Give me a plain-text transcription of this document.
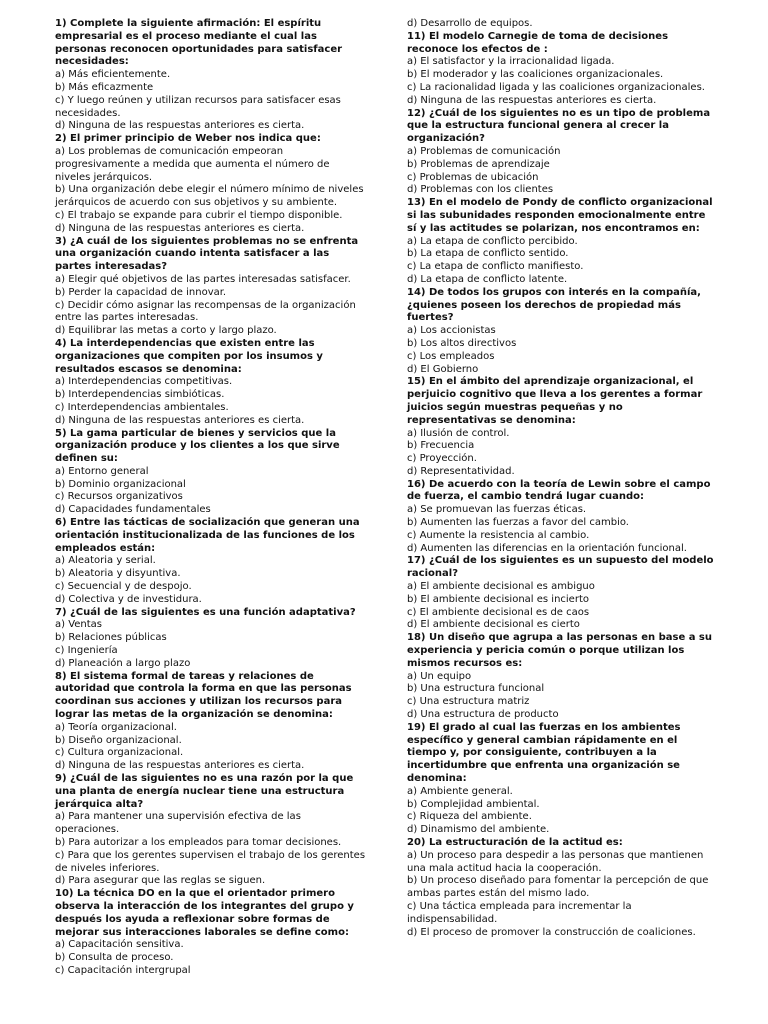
1) Complete la siguiente afirmación: El espíritu empresarial es el proceso mediante el cual las personas reconocen oportunidades para satisfacer necesidades:
a) Más eficientemente.
b) Más eficazmente
c) Y luego reúnen y utilizan recursos para satisfacer esas necesidades.
d) Ninguna de las respuestas anteriores es cierta.
2) El primer principio de Weber nos indica que:
a) Los problemas de comunicación empeoran progresivamente a medida que aumenta el número de niveles jerárquicos.
b) Una organización debe elegir el número mínimo de niveles jerárquicos de acuerdo con sus objetivos y su ambiente.
c) El trabajo se expande para cubrir el tiempo disponible.
d) Ninguna de las respuestas anteriores es cierta.
3) ¿A cuál de los siguientes problemas no se enfrenta una organización cuando intenta satisfacer a las partes interesadas?
a) Elegir qué objetivos de las partes interesadas satisfacer.
b) Perder la capacidad de innovar.
c) Decidir cómo asignar las recompensas de la organización entre las partes interesadas.
d) Equilibrar las metas a corto y largo plazo.
4) La interdependencias que existen entre las organizaciones que compiten por los insumos y resultados escasos se denomina:
a) Interdependencias competitivas.
b) Interdependencias simbióticas.
c) Interdependencias ambientales.
d) Ninguna de las respuestas anteriores es cierta.
5) La gama particular de bienes y servicios que la organización produce y los clientes a los que sirve definen su:
a) Entorno general
b) Dominio organizacional
c) Recursos organizativos
d) Capacidades fundamentales
6) Entre las tácticas de socialización que generan una orientación institucionalizada de las funciones de los empleados están:
a) Aleatoria y serial.
b) Aleatoria y disyuntiva.
c) Secuencial y de despojo.
d) Colectiva y de investidura.
7) ¿Cuál de las siguientes es una función adaptativa?
a) Ventas
b) Relaciones públicas
c) Ingeniería
d) Planeación a largo plazo
8) El sistema formal de tareas y relaciones de autoridad que controla la forma en que las personas coordinan sus acciones y utilizan los recursos para lograr las metas de la organización se denomina:
a) Teoría organizacional.
b) Diseño organizacional.
c) Cultura organizacional.
d) Ninguna de las respuestas anteriores es cierta.
9) ¿Cuál de las siguientes no es una razón por la que una planta de energía nuclear tiene una estructura jerárquica alta?
a) Para mantener una supervisión efectiva de las operaciones.
b) Para autorizar a los empleados para tomar decisiones.
c) Para que los gerentes supervisen el trabajo de los gerentes de niveles inferiores.
d) Para asegurar que las reglas se siguen.
10) La técnica DO en la que el orientador primero observa la interacción de los integrantes del grupo y después los ayuda a reflexionar sobre formas de mejorar sus interacciones laborales se define como:
a) Capacitación sensitiva.
b) Consulta de proceso.
c) Capacitación intergrupal
d) Desarrollo de equipos.
11) El modelo Carnegie de toma de decisiones reconoce los efectos de :
a) El satisfactor y la irracionalidad ligada.
b) El moderador y las coaliciones organizacionales.
c) La racionalidad ligada y las coaliciones organizacionales.
d) Ninguna de las respuestas anteriores es cierta.
12) ¿Cuál de los siguientes no es un tipo de problema que la estructura funcional genera al crecer la organización?
a) Problemas de comunicación
b) Problemas de aprendizaje
c) Problemas de ubicación
d) Problemas con los clientes
13) En el modelo de Pondy de conflicto organizacional si las subunidades responden emocionalmente entre sí y las actitudes se polarizan, nos encontramos en:
a) La etapa de conflicto percibido.
b) La etapa de conflicto sentido.
c) La etapa de conflicto manifiesto.
d) La etapa de conflicto latente.
14) De todos los grupos con interés en la compañía, ¿quienes poseen los derechos de propiedad más fuertes?
a) Los accionistas
b) Los altos directivos
c) Los empleados
d) El Gobierno
15) En el ámbito del aprendizaje organizacional, el perjuicio cognitivo que lleva a los gerentes a formar juicios según muestras pequeñas y no representativas se denomina:
a) Ilusión de control.
b) Frecuencia
c) Proyección.
d) Representatividad.
16) De acuerdo con la teoría de Lewin sobre el campo de fuerza, el cambio tendrá lugar cuando:
a) Se promuevan las fuerzas éticas.
b) Aumenten las fuerzas a favor del cambio.
c) Aumente la resistencia al cambio.
d) Aumenten las diferencias en la orientación funcional.
17) ¿Cuál de los siguientes es un supuesto del modelo racional?
a) El ambiente decisional es ambiguo
b) El ambiente decisional es incierto
c) El ambiente decisional es de caos
d) El ambiente decisional es cierto
18) Un diseño que agrupa a las personas en base a su experiencia y pericia común o porque utilizan los mismos recursos es:
a) Un equipo
b) Una estructura funcional
c) Una estructura matriz
d) Una estructura de producto
19) El grado al cual las fuerzas en los ambientes específico y general cambian rápidamente en el tiempo y, por consiguiente, contribuyen a la incertidumbre que enfrenta una organización se denomina:
a) Ambiente general.
b) Complejidad ambiental.
c) Riqueza del ambiente.
d) Dinamismo del ambiente.
20) La estructuración de la actitud es:
a) Un proceso para despedir a las personas que mantienen una mala actitud hacia la cooperación.
b) Un proceso diseñado para fomentar la percepción de que ambas partes están del mismo lado.
c) Una táctica empleada para incrementar la indispensabilidad.
d) El proceso de promover la construcción de coaliciones.
